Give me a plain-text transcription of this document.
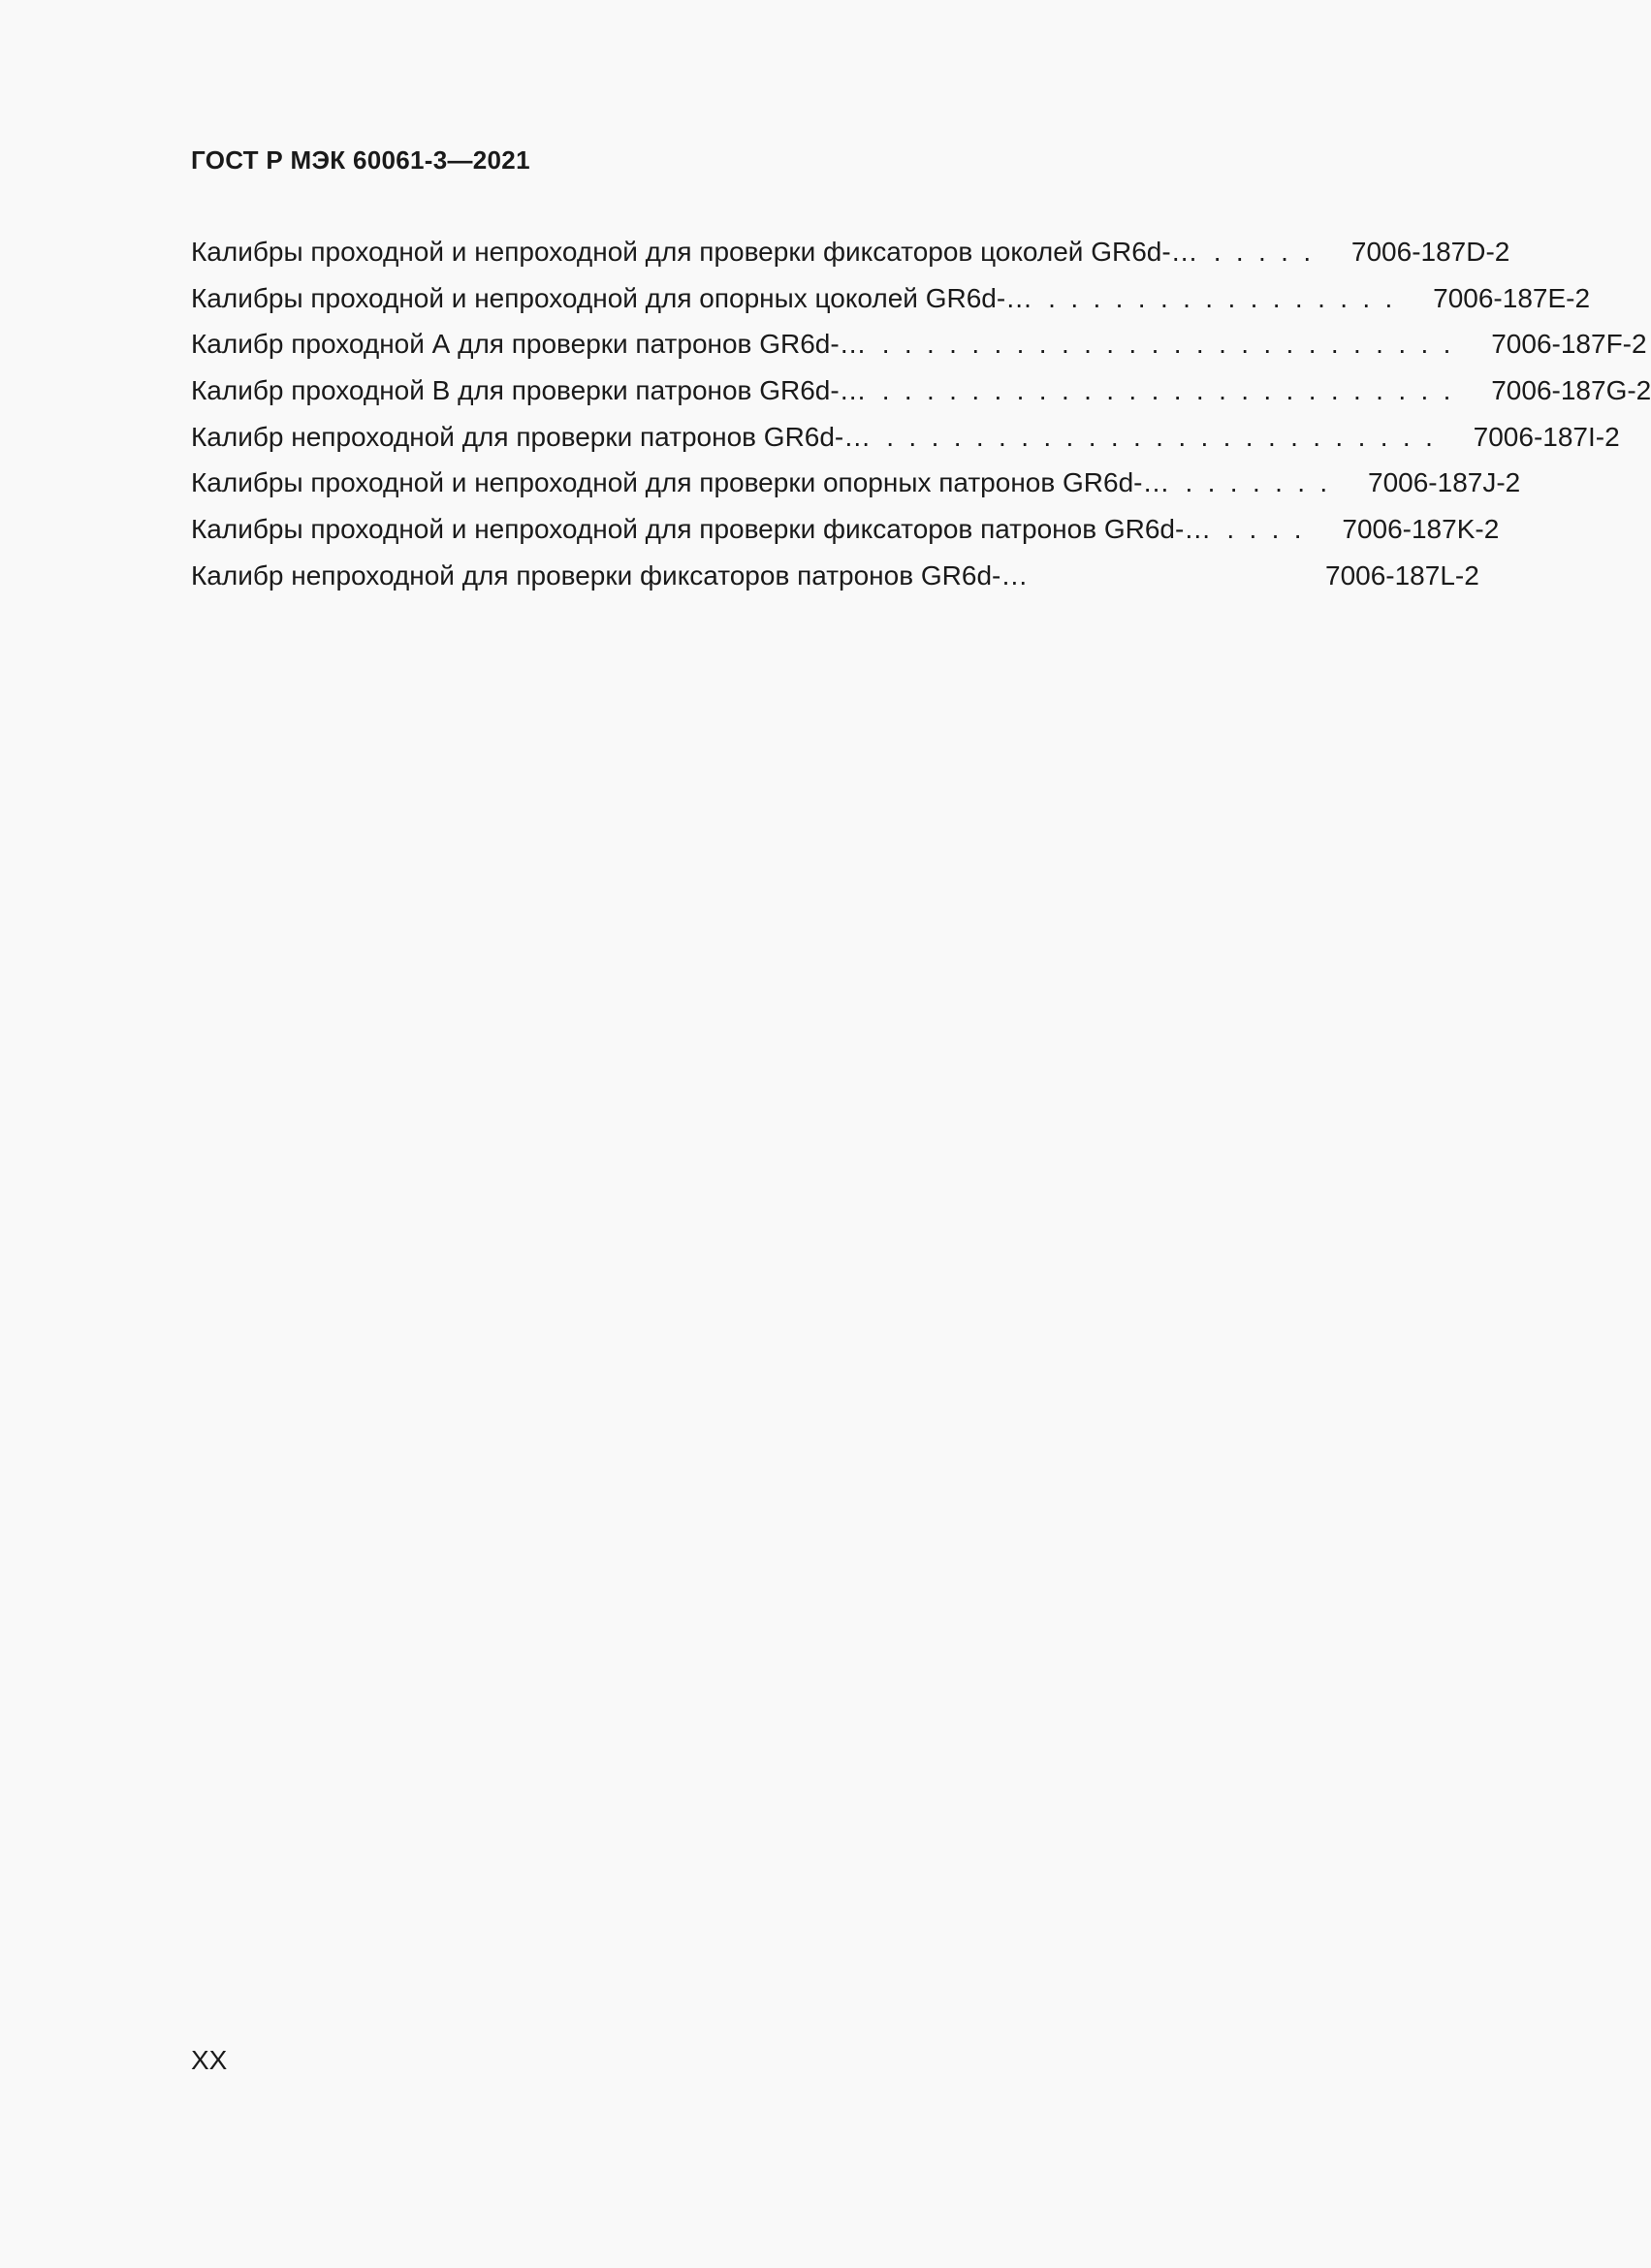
ГОСТ Р МЭК 60061-3—2021
Калибры проходной и непроходной для проверки фиксаторов цоколей GR6d-… . . . . . 7006-187D-2
Калибры проходной и непроходной для опорных цоколей GR6d-… . . . . . . . . . . . . . . . . 7006-187E-2
Калибр проходной А для проверки патронов GR6d-… . . . . . . . . . . . . . . . . . . . . . . . . . . 7006-187F-2
Калибр проходной В для проверки патронов GR6d-… . . . . . . . . . . . . . . . . . . . . . . . . . . 7006-187G-2
Калибр непроходной для проверки патронов GR6d-… . . . . . . . . . . . . . . . . . . . . . . . . . 7006-187I-2
Калибры проходной и непроходной для проверки опорных патронов GR6d-… . . . . . . . 7006-187J-2
Калибры проходной и непроходной для проверки фиксаторов патронов GR6d-… . . . . 7006-187K-2
Калибр непроходной для проверки фиксаторов патронов GR6d-…	7006-187L-2
XX
